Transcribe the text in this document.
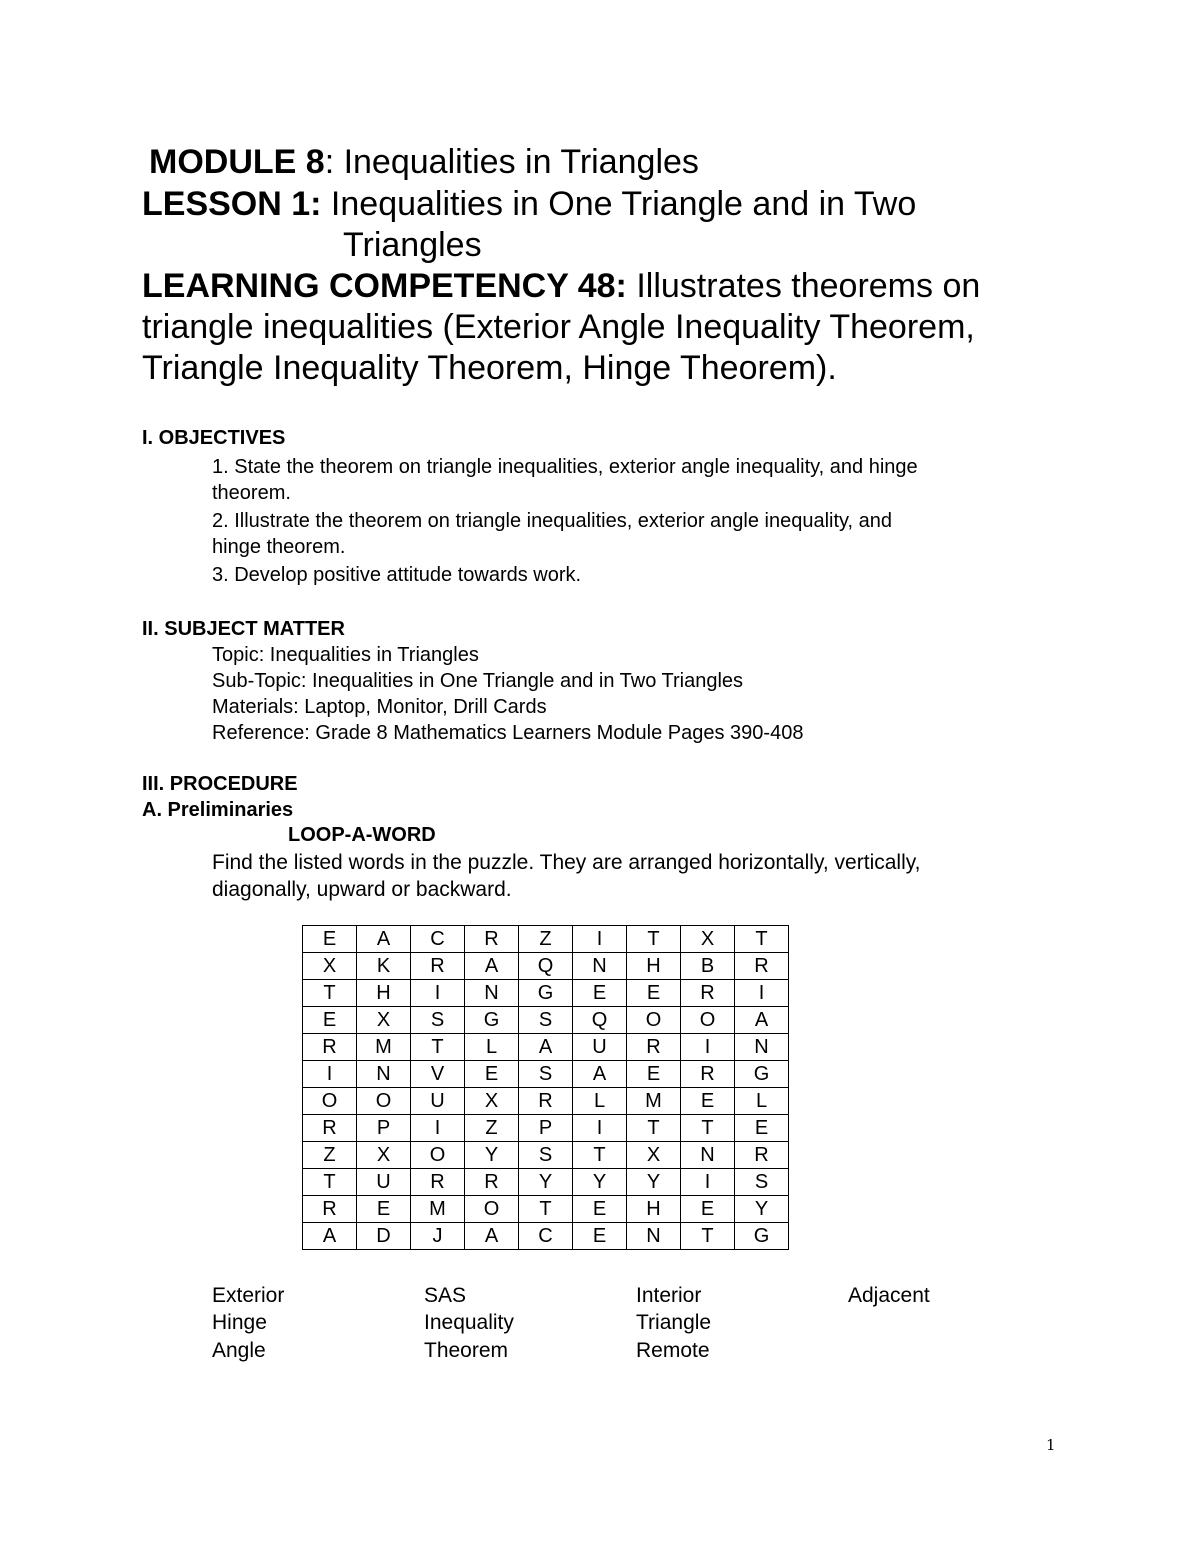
MODULE 8: Inequalities in Triangles
LESSON 1: Inequalities in One Triangle and in Two
Triangles
LEARNING COMPETENCY 48: Illustrates theorems on
triangle inequalities (Exterior Angle Inequality Theorem,
Triangle Inequality Theorem, Hinge Theorem).
I. OBJECTIVES
1. State the theorem on triangle inequalities, exterior angle inequality, and hinge
theorem.
2. Illustrate the theorem on triangle inequalities, exterior angle inequality, and
hinge theorem.
3. Develop positive attitude towards work.
II. SUBJECT MATTER
Topic: Inequalities in Triangles
Sub-Topic: Inequalities in One Triangle and in Two Triangles
Materials: Laptop, Monitor, Drill Cards
Reference: Grade 8 Mathematics Learners Module Pages 390-408
III. PROCEDURE
A. Preliminaries
LOOP-A-WORD
Find the listed words in the puzzle. They are arranged horizontally, vertically,
diagonally, upward or backward.
E	A	C	R	Z	I	T	X	T
X	K	R	A	Q	N	H	B	R
T	H	I	N	G	E	E	R	I
E	X	S	G	S	Q	O	O	A
R	M	T	L	A	U	R	I	N
I	N	V	E	S	A	E	R	G
O	O	U	X	R	L	M	E	L
R	P	I	Z	P	I	T	T	E
Z	X	O	Y	S	T	X	N	R
T	U	R	R	Y	Y	Y	I	S
R	E	M	O	T	E	H	E	Y
A	D	J	A	C	E	N	T	G
Exterior	SAS	Interior	Adjacent
Hinge	Inequality	Triangle
Angle	Theorem	Remote
1
